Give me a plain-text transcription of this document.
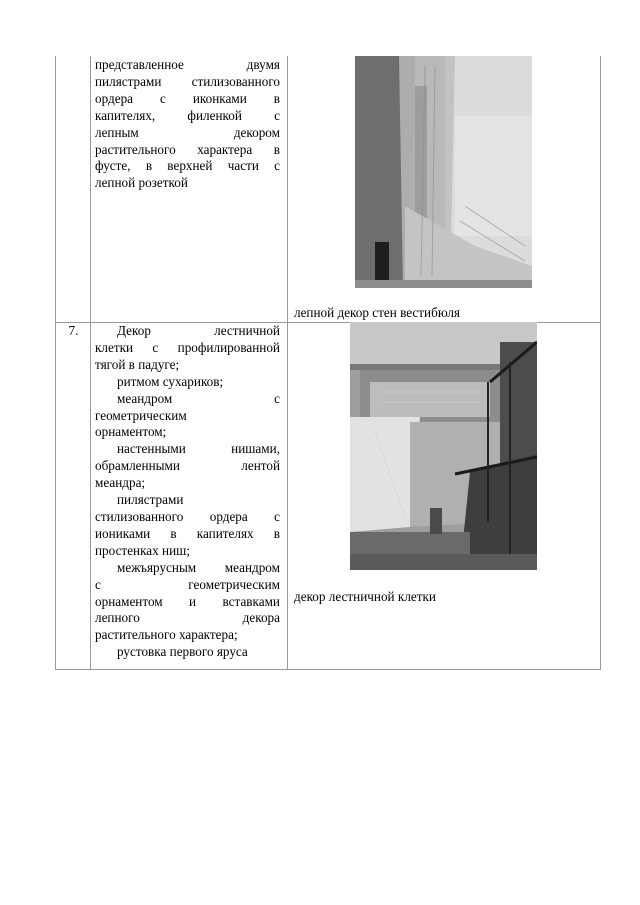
представленное двумя

пилястрами стилизованного

ордера с иконками в

капителях, филенкой с

лепным декором

растительного характера в

фусте, в верхней части с

лепной розеткой

лепной декор стен вестибюля
7.	Декор лестничной

клетки с профилированной

тягой в падуге;

ритмом сухариков;

меандром с

геометрическим

орнаментом;

настенными нишами,

обрамленными лентой

меандра;

пилястрами

стилизованного ордера с

иониками в капителях в

простенках ниш;

межъярусным меандром

с геометрическим

орнаментом и вставками

лепного декора

растительного характера;

рустовка первого яруса

декор лестничной клетки
